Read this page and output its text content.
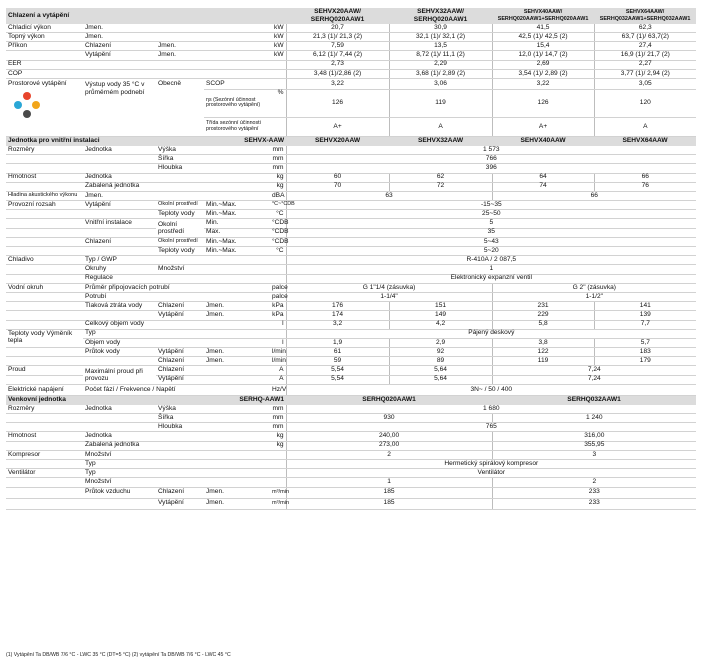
Chlazení a vytápění					SEHVX20AAW/ SERHQ020AAW1	SEHVX32AAW/ SERHQ020AAW1	SEHVX40AAW/ SERHQ020AAW1+SERHQ020AAW1	SEHVX64AAW/ SERHQ032AAW1+SERHQ032AAW1
Chladicí výkon	Jmen.			kW	20,7	30,9	41,5	62,3
Topný výkon	Jmen.			kW	21,3 (1)/ 21,3 (2)	32,1 (1)/ 32,1 (2)	42,5 (1)/ 42,5 (2)	63,7 (1)/ 63,7(2)
Příkon	Chlazení	Jmen.		kW	7,59	13,5	15,4	27,4
	Vytápění	Jmen.		kW	6,12 (1)/ 7,44 (2)	8,72 (1)/ 11,1 (2)	12,0 (1)/ 14,7 (2)	16,9 (1)/ 21,7 (2)
EER					2,73	2,29	2,69	2,27
COP					3,48 (1)/2,86 (2)	3,68 (1)/ 2,89 (2)	3,54 (1)/ 2,89 (2)	3,77 (1)/ 2,94 (2)
Prostorové vytápění	Výstup vody 35 °C v průměrném podnebí	Obecně	SCOP		3,22	3,06	3,22	3,05
			ηs (Sezónní účinnost prostorového vytápění)	%	126	119	126	120
			Třída sezónní účinnosti prostorového vytápění		A+	A	A+	A
Jednotka pro vnitřní instalaci			SEHVX-AAW		SEHVX20AAW	SEHVX32AAW	SEHVX40AAW	SEHVX64AAW
Rozměry	Jednotka	Výška		mm	1 573			
		Šířka		mm	766			
		Hloubka		mm	396			
Hmotnost	Jednotka			kg	60	62	64	66
	Zabalená jednotka			kg	70	72	74	76
Hladina akustického výkonu	Jmen.			dBA	63		66	
Provozní rozsah	Vytápění	Okolní prostředí	Min.~Max.	°C~°CDB	-15~35			
		Teploty vody	Min.~Max.	°C	25~50			
	Vnitřní instalace	Okolní prostředí	Min.	°CDB	5			
			Max.	°CDB	35			
	Chlazení	Okolní prostředí	Min.~Max.	°CDB	5~43			
		Teploty vody	Min.~Max.	°C	5~20			
Chladivo	Typ / GWP				R-410A / 2 087,5			
	Okruhy	Množství			1			
	Regulace				Elektronický expanzní ventil			
Vodní okruh	Průměr připojovacích potrubí			palce	G 1"1/4 (zásuvka)		G 2" (zásuvka)	
	Potrubí			palce	1-1/4"		1-1/2"	
	Tlaková ztráta vody	Chlazení	Jmen.	kPa	176	151	231	141
		Vytápění	Jmen.	kPa	174	149	229	139
	Celkový objem vody			l	3,2	4,2	5,8	7,7
Teploty vody Výměník tepla	Typ				Pájený deskový			
	Objem vody			l	1,9	2,9	3,8	5,7
	Průtok vody	Vytápění	Jmen.	l/min	61	92	122	183
		Chlazení	Jmen.	l/min	59	89	119	179
Proud	Maximální proud při provozu	Chlazení		A	5,54	5,64	7,24	
		Vytápění		A	5,54	5,64	7,24	
Elektrické napájení	Počet fází / Frekvence / Napětí			Hz/V	3N~ / 50 / 400			
Venkovní jednotka			SERHQ-AAW1		SERHQ020AAW1		SERHQ032AAW1	
Rozměry	Jednotka	Výška		mm	1 680			
		Šířka		mm	930		1 240	
		Hloubka		mm	765			
Hmotnost	Jednotka			kg	240,00		316,00	
	Zabalená jednotka			kg	273,00		355,95	
Kompresor	Množství				2		3	
	Typ				Hermetický spirálový kompresor			
Ventilátor	Typ				Ventilátor			
	Množství				1		2	
	Průtok vzduchu	Chlazení	Jmen.	m³/min	185		233	
		Vytápění	Jmen.	m³/min	185		233	
(1) Vytápění Ta DB/WB 7/6 °C - LWC 35 °C (DT=5 °C) (2) vytápění Ta DB/WB 7/6 °C - LWC 45 °C
